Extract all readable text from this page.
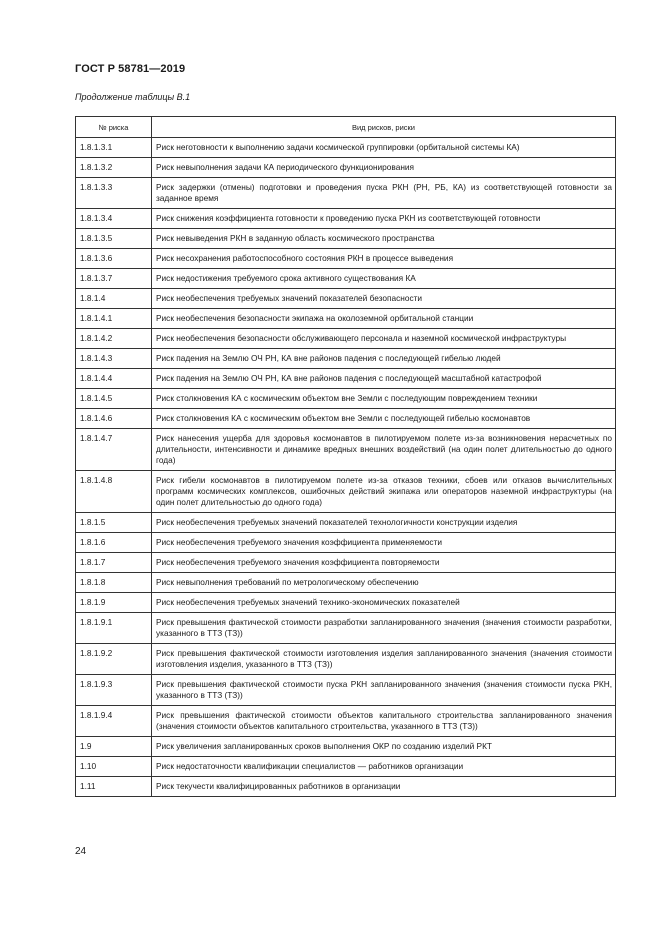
ГОСТ Р 58781—2019
Продолжение таблицы В.1
№ риска	Вид рисков, риски
1.8.1.3.1	Риск неготовности к выполнению задачи космической группировки (орбитальной системы КА)
1.8.1.3.2	Риск невыполнения задачи КА периодического функционирования
1.8.1.3.3	Риск задержки (отмены) подготовки и проведения пуска РКН (РН, РБ, КА) из соответствующей готовности за заданное время
1.8.1.3.4	Риск снижения коэффициента готовности к проведению пуска РКН из соответствующей готовности
1.8.1.3.5	Риск невыведения РКН в заданную область космического пространства
1.8.1.3.6	Риск несохранения работоспособного состояния РКН в процессе выведения
1.8.1.3.7	Риск недостижения требуемого срока активного существования КА
1.8.1.4	Риск необеспечения требуемых значений показателей безопасности
1.8.1.4.1	Риск необеспечения безопасности экипажа на околоземной орбитальной станции
1.8.1.4.2	Риск необеспечения безопасности обслуживающего персонала и наземной космической инфраструктуры
1.8.1.4.3	Риск падения на Землю ОЧ РН, КА вне районов падения с последующей гибелью людей
1.8.1.4.4	Риск падения на Землю ОЧ РН, КА вне районов падения с последующей масштабной катастрофой
1.8.1.4.5	Риск столкновения КА с космическим объектом вне Земли с последующим повреждением техники
1.8.1.4.6	Риск столкновения КА с космическим объектом вне Земли с последующей гибелью космонавтов
1.8.1.4.7	Риск нанесения ущерба для здоровья космонавтов в пилотируемом полете из-за возникновения нерасчетных по длительности, интенсивности и динамике вредных внешних воздействий (на один полет длительностью до одного года)
1.8.1.4.8	Риск гибели космонавтов в пилотируемом полете из-за отказов техники, сбоев или отказов вычислительных программ космических комплексов, ошибочных действий экипажа или операторов наземной инфраструктуры (на один полет длительностью до одного года)
1.8.1.5	Риск необеспечения требуемых значений показателей технологичности конструкции изделия
1.8.1.6	Риск необеспечения требуемого значения коэффициента применяемости
1.8.1.7	Риск необеспечения требуемого значения коэффициента повторяемости
1.8.1.8	Риск невыполнения требований по метрологическому обеспечению
1.8.1.9	Риск необеспечения требуемых значений технико-экономических показателей
1.8.1.9.1	Риск превышения фактической стоимости разработки запланированного значения (значения стоимости разработки, указанного в ТТЗ (ТЗ))
1.8.1.9.2	Риск превышения фактической стоимости изготовления изделия запланированного значения (значения стоимости изготовления изделия, указанного в ТТЗ (ТЗ))
1.8.1.9.3	Риск превышения фактической стоимости пуска РКН запланированного значения (значения стоимости пуска РКН, указанного в ТТЗ (ТЗ))
1.8.1.9.4	Риск превышения фактической стоимости объектов капитального строительства запланированного значения (значения стоимости объектов капитального строительства, указанного в ТТЗ (ТЗ))
1.9	Риск увеличения запланированных сроков выполнения ОКР по созданию изделий РКТ
1.10	Риск недостаточности квалификации специалистов — работников организации
1.11	Риск текучести квалифицированных работников в организации
24
